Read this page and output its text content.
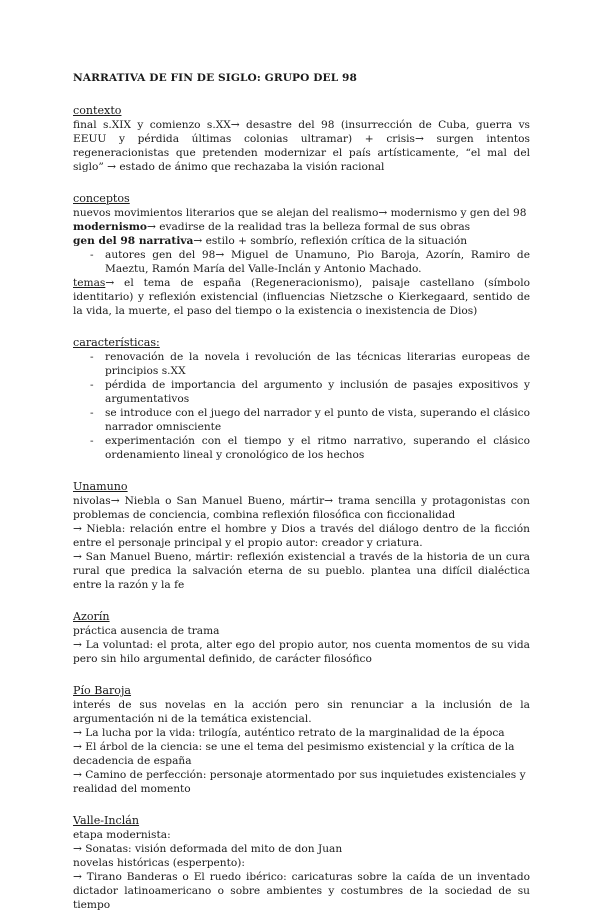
NARRATIVA DE FIN DE SIGLO: GRUPO DEL 98
contexto

final s.XIX y comienzo s.XX→ desastre del 98 (insurrección de Cuba, guerra vs EEUU y pérdida últimas colonias ultramar) + crisis→ surgen intentos regeneracionistas que pretenden modernizar el país artísticamente, “el mal del siglo” → estado de ánimo que rechazaba la visión racional

conceptos

nuevos movimientos literarios que se alejan del realismo→ modernismo y gen del 98

modernismo→ evadirse de la realidad tras la belleza formal de sus obras

gen del 98 narrativa→ estilo + sombrío, reflexión crítica de la situación

- autores gen del 98→ Miguel de Unamuno, Pio Baroja, Azorín, Ramiro de Maeztu, Ramón María del Valle-Inclán y Antonio Machado.

temas→ el tema de españa (Regeneracionismo), paisaje castellano (símbolo identitario) y reflexión existencial (influencias Nietzsche o Kierkegaard, sentido de la vida, la muerte, el paso del tiempo o la existencia o inexistencia de Dios)

características:
- renovación de la novela i revolución de las técnicas literarias europeas de principios s.XX
- pérdida de importancia del argumento y inclusión de pasajes expositivos y argumentativos
- se introduce con el juego del narrador y el punto de vista, superando el clásico narrador omnisciente
- experimentación con el tiempo y el ritmo narrativo, superando el clásico ordenamiento lineal y cronológico de los hechos
Unamuno

nivolas→ Niebla o San Manuel Bueno, mártir→ trama sencilla y protagonistas con problemas de conciencia, combina reflexión filosófica con ficcionalidad

→ Niebla: relación entre el hombre y Dios a través del diálogo dentro de la ficción entre el personaje principal y el propio autor: creador y criatura.

→ San Manuel Bueno, mártir: reflexión existencial a través de la historia de un cura rural que predica la salvación eterna de su pueblo. plantea una difícil dialéctica entre la razón y la fe

Azorín

práctica ausencia de trama

→ La voluntad: el prota, alter ego del propio autor, nos cuenta momentos de su vida pero sin hilo argumental definido, de carácter filosófico

Pío Baroja

interés de sus novelas en la acción pero sin renunciar a la inclusión de la argumentación ni de la temática existencial.

→ La lucha por la vida: trilogía, auténtico retrato de la marginalidad de la época

→ El árbol de la ciencia: se une el tema del pesimismo existencial y la crítica de la decadencia de españa

→ Camino de perfección: personaje atormentado por sus inquietudes existenciales y realidad del momento

Valle-Inclán

etapa modernista:

→ Sonatas: visión deformada del mito de don Juan

novelas históricas (esperpento):

→ Tirano Banderas o El ruedo ibérico: caricaturas sobre la caída de un inventado dictador latinoamericano o sobre ambientes y costumbres de la sociedad de su tiempo
